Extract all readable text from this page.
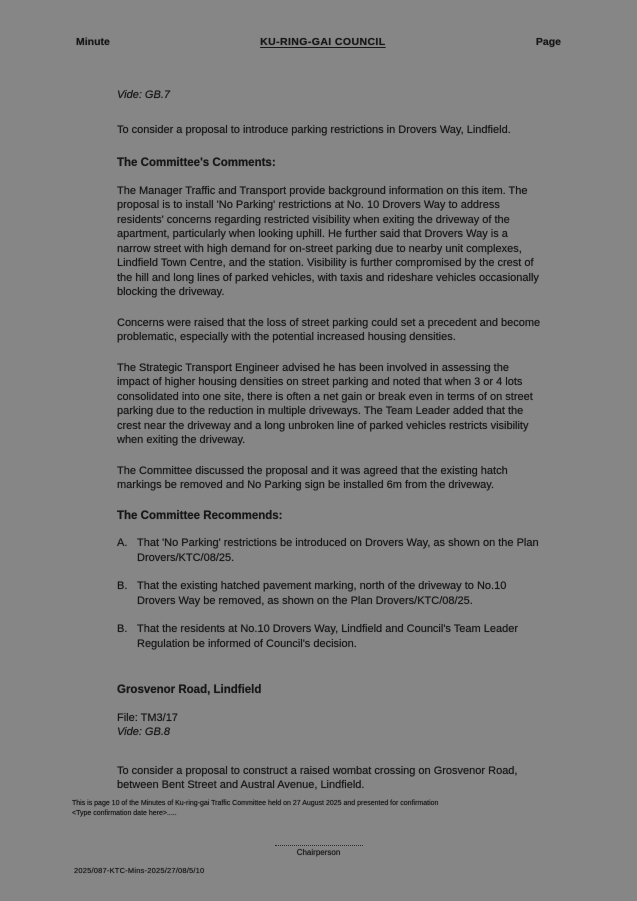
Minute	KU-RING-GAI COUNCIL	Page

Vide: GB.7

To consider a proposal to introduce parking restrictions in Drovers Way, Lindfield.

The Committee's Comments:

The Manager Traffic and Transport provide background information on this item. The proposal is to install 'No Parking' restrictions at No. 10 Drovers Way to address residents' concerns regarding restricted visibility when exiting the driveway of the apartment, particularly when looking uphill. He further said that Drovers Way is a narrow street with high demand for on-street parking due to nearby unit complexes, Lindfield Town Centre, and the station. Visibility is further compromised by the crest of the hill and long lines of parked vehicles, with taxis and rideshare vehicles occasionally blocking the driveway.

Concerns were raised that the loss of street parking could set a precedent and become problematic, especially with the potential increased housing densities.

The Strategic Transport Engineer advised he has been involved in assessing the impact of higher housing densities on street parking and noted that when 3 or 4 lots consolidated into one site, there is often a net gain or break even in terms of on street parking due to the reduction in multiple driveways. The Team Leader added that the crest near the driveway and a long unbroken line of parked vehicles restricts visibility when exiting the driveway.

The Committee discussed the proposal and it was agreed that the existing hatch markings be removed and No Parking sign be installed 6m from the driveway.

The Committee Recommends:
A. That 'No Parking' restrictions be introduced on Drovers Way, as shown on the Plan Drovers/KTC/08/25.
B. That the existing hatched pavement marking, north of the driveway to No.10 Drovers Way be removed, as shown on the Plan Drovers/KTC/08/25.
B. That the residents at No.10 Drovers Way, Lindfield and Council's Team Leader Regulation be informed of Council's decision.
Grosvenor Road, Lindfield

File: TM3/17

Vide: GB.8

To consider a proposal to construct a raised wombat crossing on Grosvenor Road, between Bent Street and Austral Avenue, Lindfield.

This is page 10 of the Minutes of Ku-ring-gai Traffic Committee held on 27 August 2025 and presented for confirmation
<Type confirmation date here>.....

Chairperson

2025/087-KTC-Mins-2025/27/08/5/10
